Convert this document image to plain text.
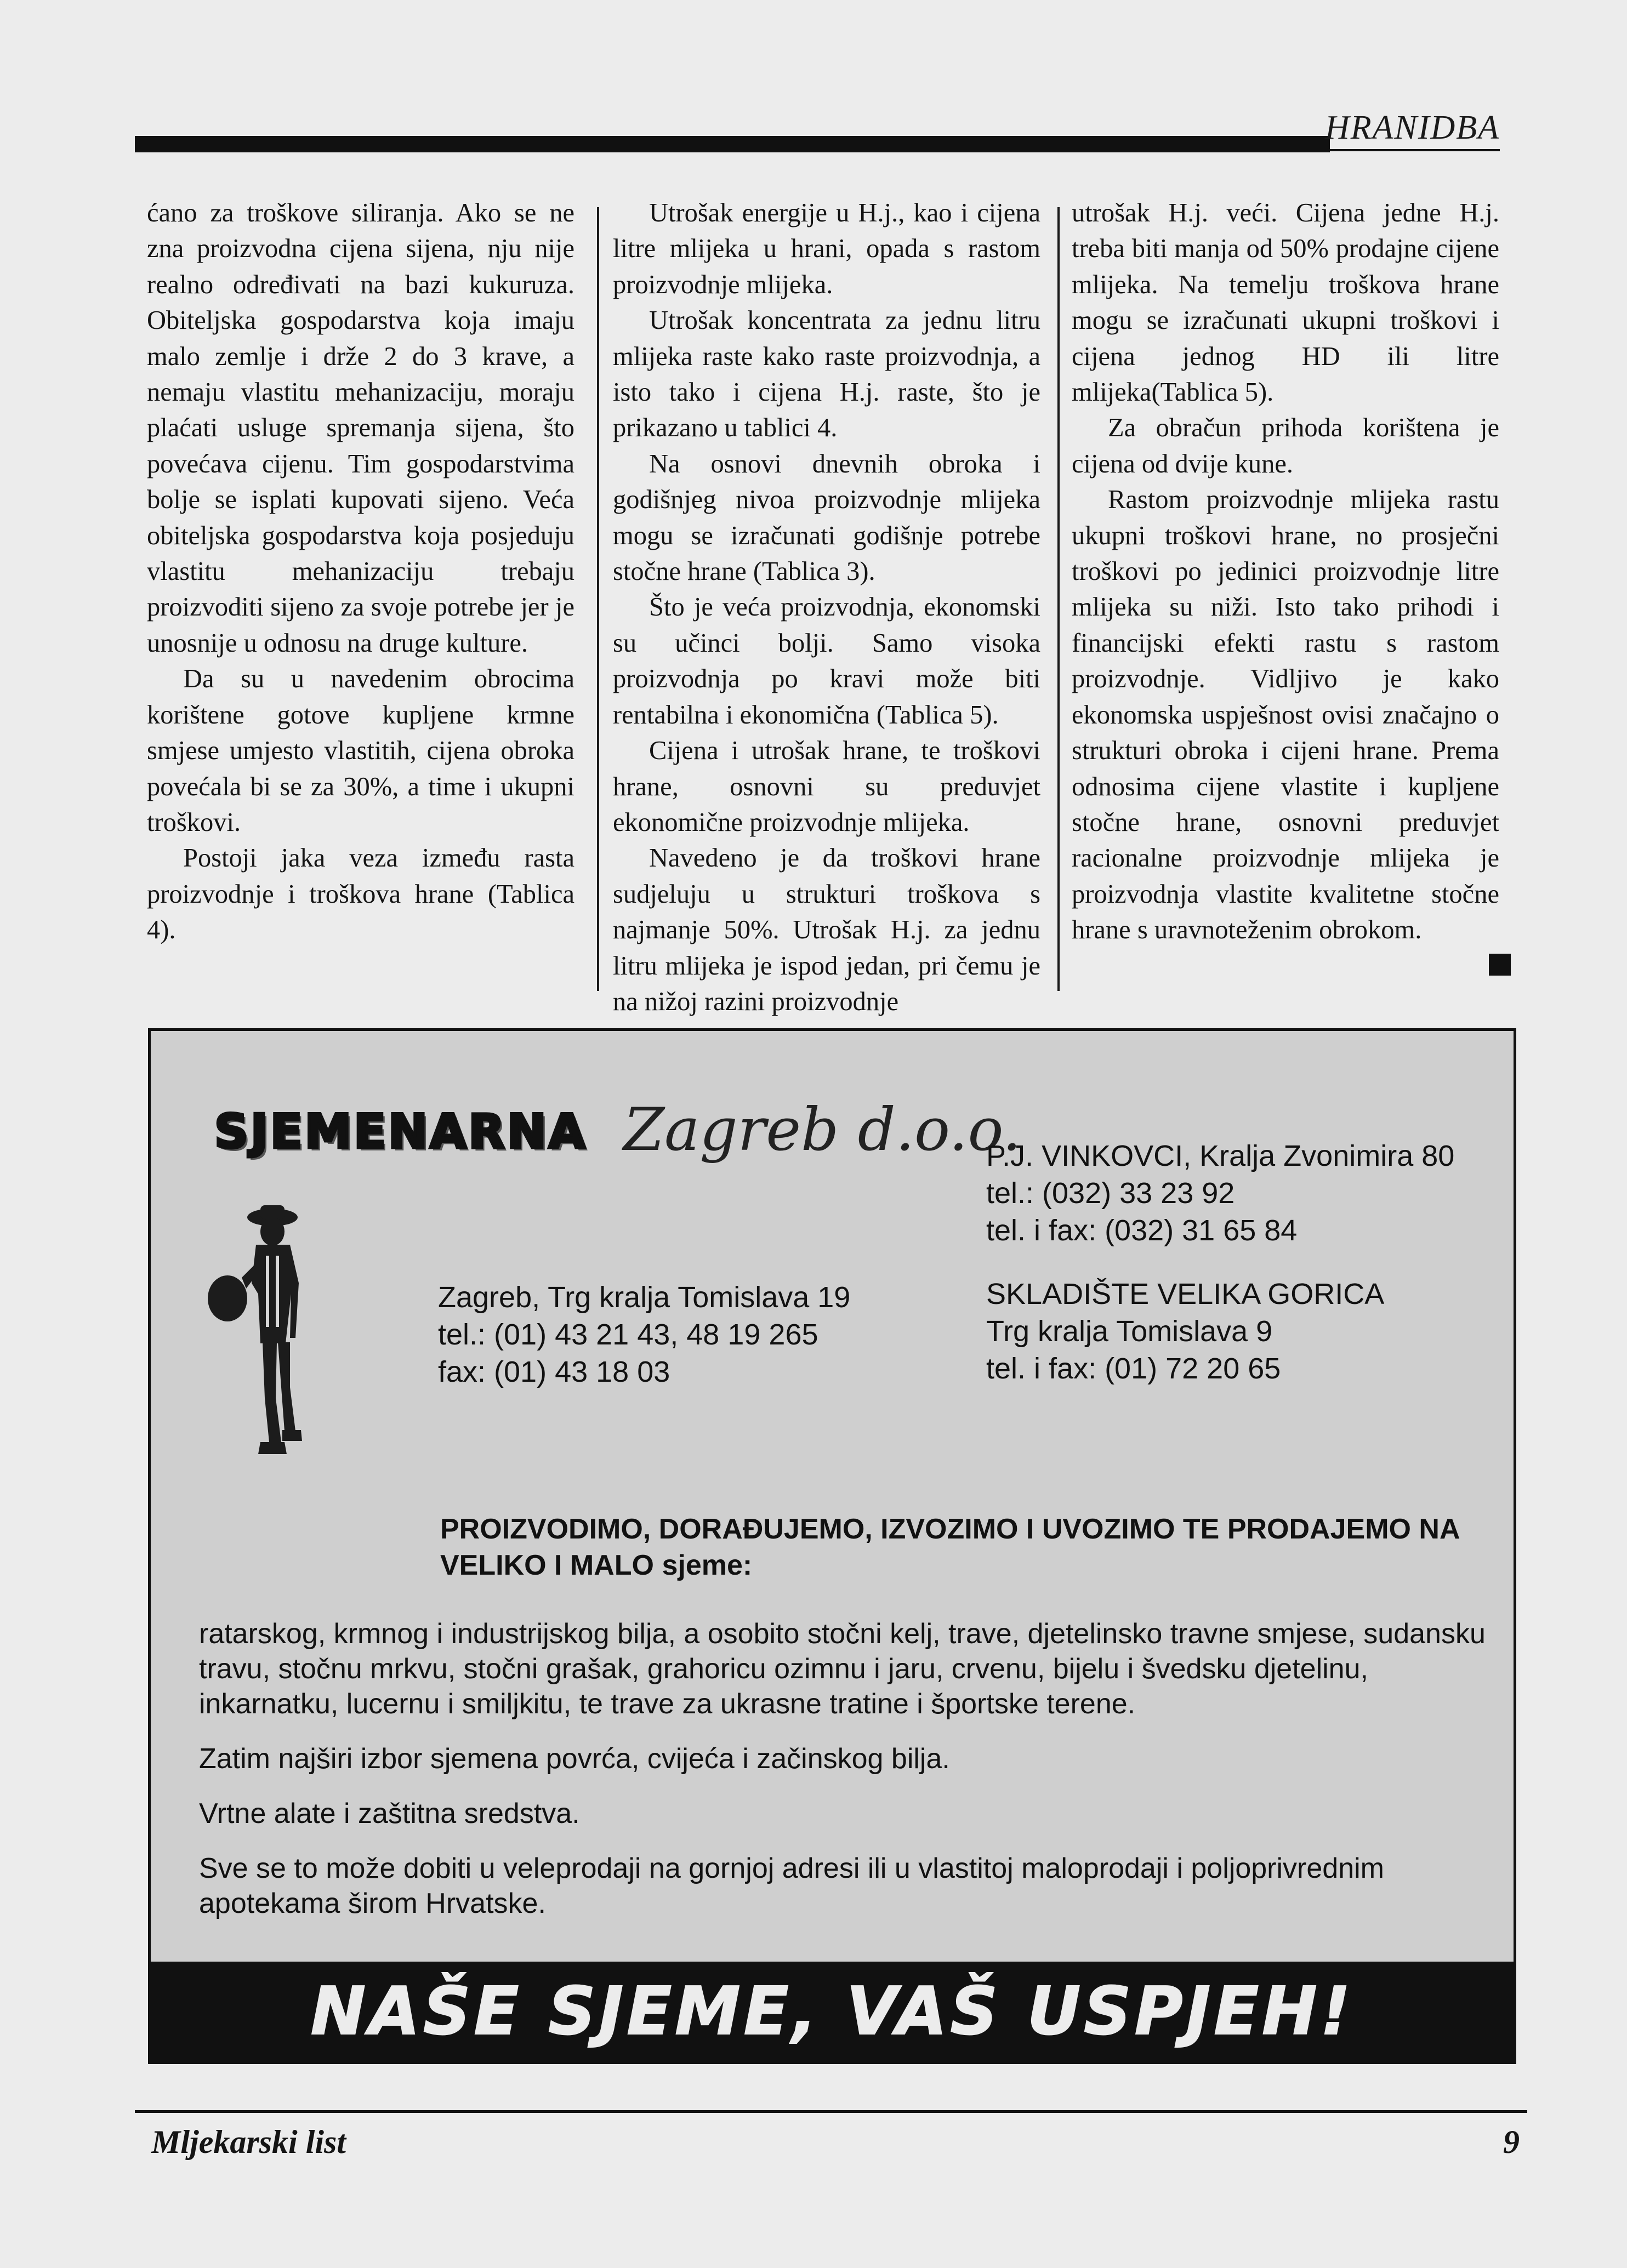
HRANIDBA

ćano za troškove siliranja. Ako se ne zna proizvodna cijena sijena, nju nije realno određivati na bazi kukuruza. Obiteljska gospodarstva koja imaju malo zemlje i drže 2 do 3 krave, a nemaju vlastitu mehanizaciju, moraju plaćati usluge spremanja sijena, što povećava cijenu. Tim gospodarstvima bolje se isplati kupovati sijeno. Veća obiteljska gospodarstva koja posjeduju vlastitu mehanizaciju trebaju proizvoditi sijeno za svoje potrebe jer je unosnije u odnosu na druge kulture.

Da su u navedenim obrocima korištene gotove kupljene krmne smjese umjesto vlastitih, cijena obroka povećala bi se za 30%, a time i ukupni troškovi.

Postoji jaka veza između rasta proizvodnje i troškova hrane (Tablica 4).

Utrošak energije u H.j., kao i cijena litre mlijeka u hrani, opada s rastom proizvodnje mlijeka.

Utrošak koncentrata za jednu litru mlijeka raste kako raste proizvodnja, a isto tako i cijena H.j. raste, što je prikazano u tablici 4.

Na osnovi dnevnih obroka i godišnjeg nivoa proizvodnje mlijeka mogu se izračunati godišnje potrebe stočne hrane (Tablica 3).

Što je veća proizvodnja, ekonomski su učinci bolji. Samo visoka proizvodnja po kravi može biti rentabilna i ekonomična (Tablica 5).

Cijena i utrošak hrane, te troškovi hrane, osnovni su preduvjet ekonomične proizvodnje mlijeka.

Navedeno je da troškovi hrane sudjeluju u strukturi troškova s najmanje 50%. Utrošak H.j. za jednu litru mlijeka je ispod jedan, pri čemu je na nižoj razini proizvodnje

utrošak H.j. veći. Cijena jedne H.j. treba biti manja od 50% prodajne cijene mlijeka. Na temelju troškova hrane mogu se izračunati ukupni troškovi i cijena jednog HD ili litre mlijeka(Tablica 5).

Za obračun prihoda korištena je cijena od dvije kune.

Rastom proizvodnje mlijeka rastu ukupni troškovi hrane, no prosječni troškovi po jedinici proizvodnje litre mlijeka su niži. Isto tako prihodi i financijski efekti rastu s rastom proizvodnje. Vidljivo je kako ekonomska uspješnost ovisi značajno o strukturi obroka i cijeni hrane. Prema odnosima cijene vlastite i kupljene stočne hrane, osnovni preduvjet racionalne proizvodnje mlijeka je proizvodnja vlastite kvalitetne stočne hrane s uravnoteženim obrokom.

SJEMENARNA Zagreb d.o.o.
P.J. VINKOVCI, Kralja Zvonimira 80
tel.: (032) 33 23 92
tel. i fax: (032) 31 65 84
Zagreb, Trg kralja Tomislava 19
tel.: (01) 43 21 43, 48 19 265
fax: (01) 43 18 03
SKLADIŠTE VELIKA GORICA
Trg kralja Tomislava 9
tel. i fax: (01) 72 20 65
PROIZVODIMO, DORAĐUJEMO, IZVOZIMO I UVOZIMO TE PRODAJEMO NA VELIKO I MALO sjeme:

ratarskog, krmnog i industrijskog bilja, a osobito stočni kelj, trave, djetelinsko travne smjese, sudansku travu, stočnu mrkvu, stočni grašak, grahoricu ozimnu i jaru, crvenu, bijelu i švedsku djetelinu, inkarnatku, lucernu i smiljkitu, te trave za ukrasne tratine i športske terene.

Zatim najširi izbor sjemena povrća, cvijeća i začinskog bilja.

Vrtne alate i zaštitna sredstva.

Sve se to može dobiti u veleprodaji na gornjoj adresi ili u vlastitoj maloprodaji i poljoprivrednim apotekama širom Hrvatske.

NAŠE SJEME, VAŠ USPJEH!
Mljekarski list	9
